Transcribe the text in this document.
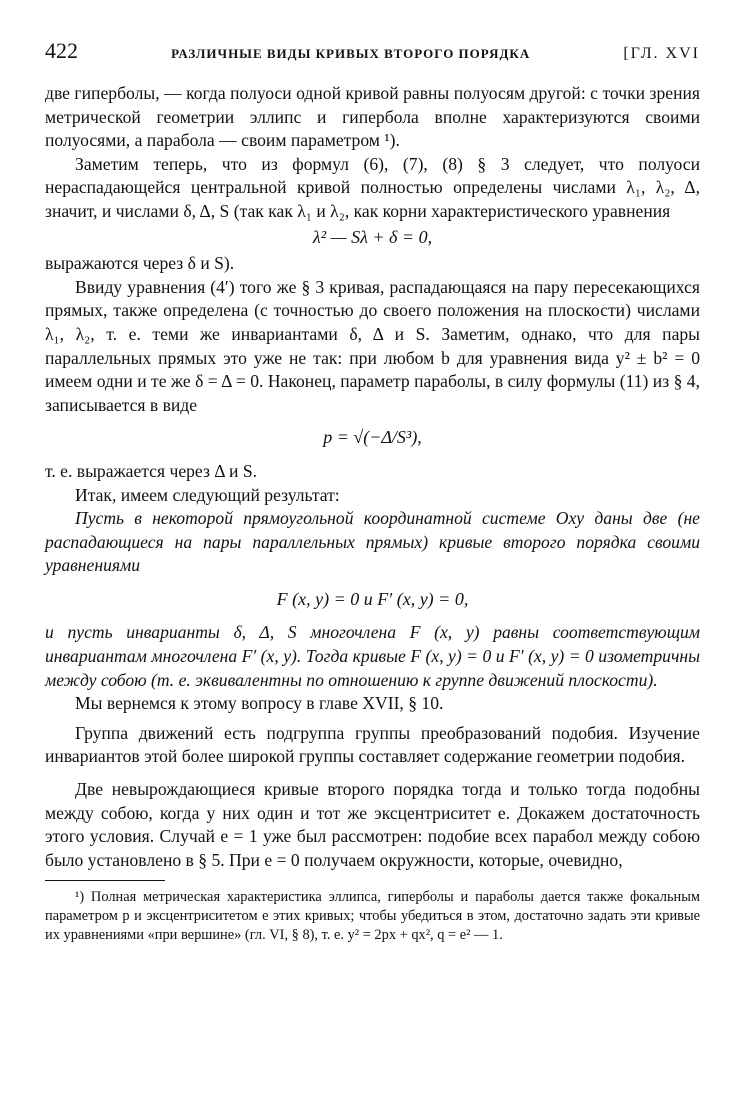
422	РАЗЛИЧНЫЕ ВИДЫ КРИВЫХ ВТОРОГО ПОРЯДКА	[ГЛ. XVI

две гиперболы, — когда полуоси одной кривой равны полуосям другой: с точки зрения метрической геометрии эллипс и гипербола вполне характеризуются своими полуосями, а парабола — своим параметром ¹).

Заметим теперь, что из формул (6), (7), (8) § 3 следует, что полуоси нераспадающейся центральной кривой полностью определены числами λ₁, λ₂, Δ, значит, и числами δ, Δ, S (так как λ₁ и λ₂, как корни характеристического уравнения

λ² — Sλ + δ = 0,

выражаются через δ и S).

Ввиду уравнения (4′) того же § 3 кривая, распадающаяся на пару пересекающихся прямых, также определена (с точностью до своего положения на плоскости) числами λ₁, λ₂, т. е. теми же инвариантами δ, Δ и S. Заметим, однако, что для пары параллельных прямых это уже не так: при любом b для уравнения вида y² ± b² = 0 имеем одни и те же δ = Δ = 0. Наконец, параметр параболы, в силу формулы (11) из § 4, записывается в виде

p = √(−Δ/S³),

т. е. выражается через Δ и S.

Итак, имеем следующий результат:

Пусть в некоторой прямоугольной координатной системе Oxy даны две (не распадающиеся на пары параллельных прямых) кривые второго порядка своими уравнениями

F (x, y) = 0 и F′ (x, y) = 0,

и пусть инварианты δ, Δ, S многочлена F (x, y) равны соответствующим инвариантам многочлена F′ (x, y). Тогда кривые F (x, y) = 0 и F′ (x, y) = 0 изометричны между собою (т. е. эквивалентны по отношению к группе движений плоскости).

Мы вернемся к этому вопросу в главе XVII, § 10.

Группа движений есть подгруппа группы преобразований подобия. Изучение инвариантов этой более широкой группы составляет содержание геометрии подобия.

Две невырождающиеся кривые второго порядка тогда и только тогда подобны между собою, когда у них один и тот же эксцентриситет e. Докажем достаточность этого условия. Случай e = 1 уже был рассмотрен: подобие всех парабол между собою было установлено в § 5. При e = 0 получаем окружности, которые, очевидно,

¹) Полная метрическая характеристика эллипса, гиперболы и параболы дается также фокальным параметром p и эксцентриситетом e этих кривых; чтобы убедиться в этом, достаточно задать эти кривые их уравнениями «при вершине» (гл. VI, § 8), т. е. y² = 2px + qx², q = e² — 1.
